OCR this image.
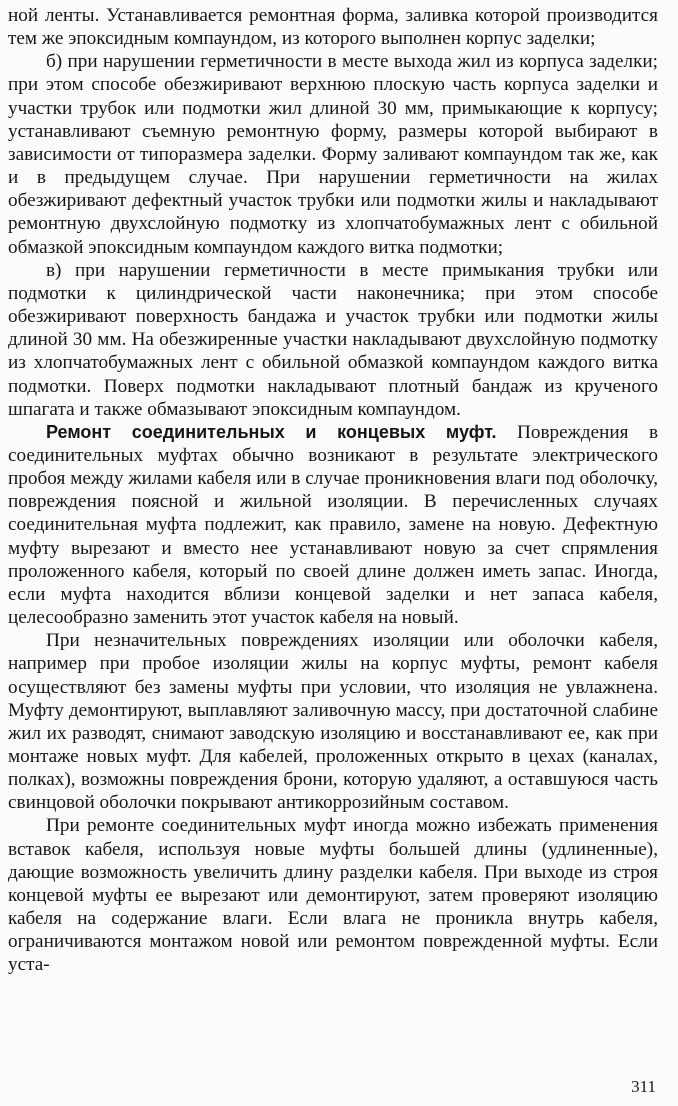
ной ленты. Устанавливается ремонтная форма, заливка которой производится тем же эпоксидным компаундом, из которого выполнен корпус заделки;

б) при нарушении герметичности в месте выхода жил из корпуса заделки; при этом способе обезжиривают верхнюю плоскую часть корпуса заделки и участки трубок или подмотки жил длиной 30 мм, примыкающие к корпусу; устанавливают съемную ремонтную форму, размеры которой выбирают в зависимости от типоразмера заделки. Форму заливают компаундом так же, как и в предыдущем случае. При нарушении герметичности на жилах обезжиривают дефектный участок трубки или подмотки жилы и накладывают ремонтную двухслойную подмотку из хлопчатобумажных лент с обильной обмазкой эпоксидным компаундом каждого витка подмотки;

в) при нарушении герметичности в месте примыкания трубки или подмотки к цилиндрической части наконечника; при этом способе обезжиривают поверхность бандажа и участок трубки или подмотки жилы длиной 30 мм. На обезжиренные участки накладывают двухслойную подмотку из хлопчатобумажных лент с обильной обмазкой компаундом каждого витка подмотки. Поверх подмотки накладывают плотный бандаж из крученого шпагата и также обмазывают эпоксидным компаундом.

Ремонт соединительных и концевых муфт. Повреждения в соединительных муфтах обычно возникают в результате электрического пробоя между жилами кабеля или в случае проникновения влаги под оболочку, повреждения поясной и жильной изоляции. В перечисленных случаях соединительная муфта подлежит, как правило, замене на новую. Дефектную муфту вырезают и вместо нее устанавливают новую за счет спрямления проложенного кабеля, который по своей длине должен иметь запас. Иногда, если муфта находится вблизи концевой заделки и нет запаса кабеля, целесообразно заменить этот участок кабеля на новый.

При незначительных повреждениях изоляции или оболочки кабеля, например при пробое изоляции жилы на корпус муфты, ремонт кабеля осуществляют без замены муфты при условии, что изоляция не увлажнена. Муфту демонтируют, выплавляют заливочную массу, при достаточной слабине жил их разводят, снимают заводскую изоляцию и восстанавливают ее, как при монтаже новых муфт. Для кабелей, проложенных открыто в цехах (каналах, полках), возможны повреждения брони, которую удаляют, а оставшуюся часть свинцовой оболочки покрывают антикоррозийным составом.

При ремонте соединительных муфт иногда можно избежать применения вставок кабеля, используя новые муфты большей длины (удлиненные), дающие возможность увеличить длину разделки кабеля. При выходе из строя концевой муфты ее вырезают или демонтируют, затем проверяют изоляцию кабеля на содержание влаги. Если влага не проникла внутрь кабеля, ограничиваются монтажом новой или ремонтом поврежденной муфты. Если уста-

311
